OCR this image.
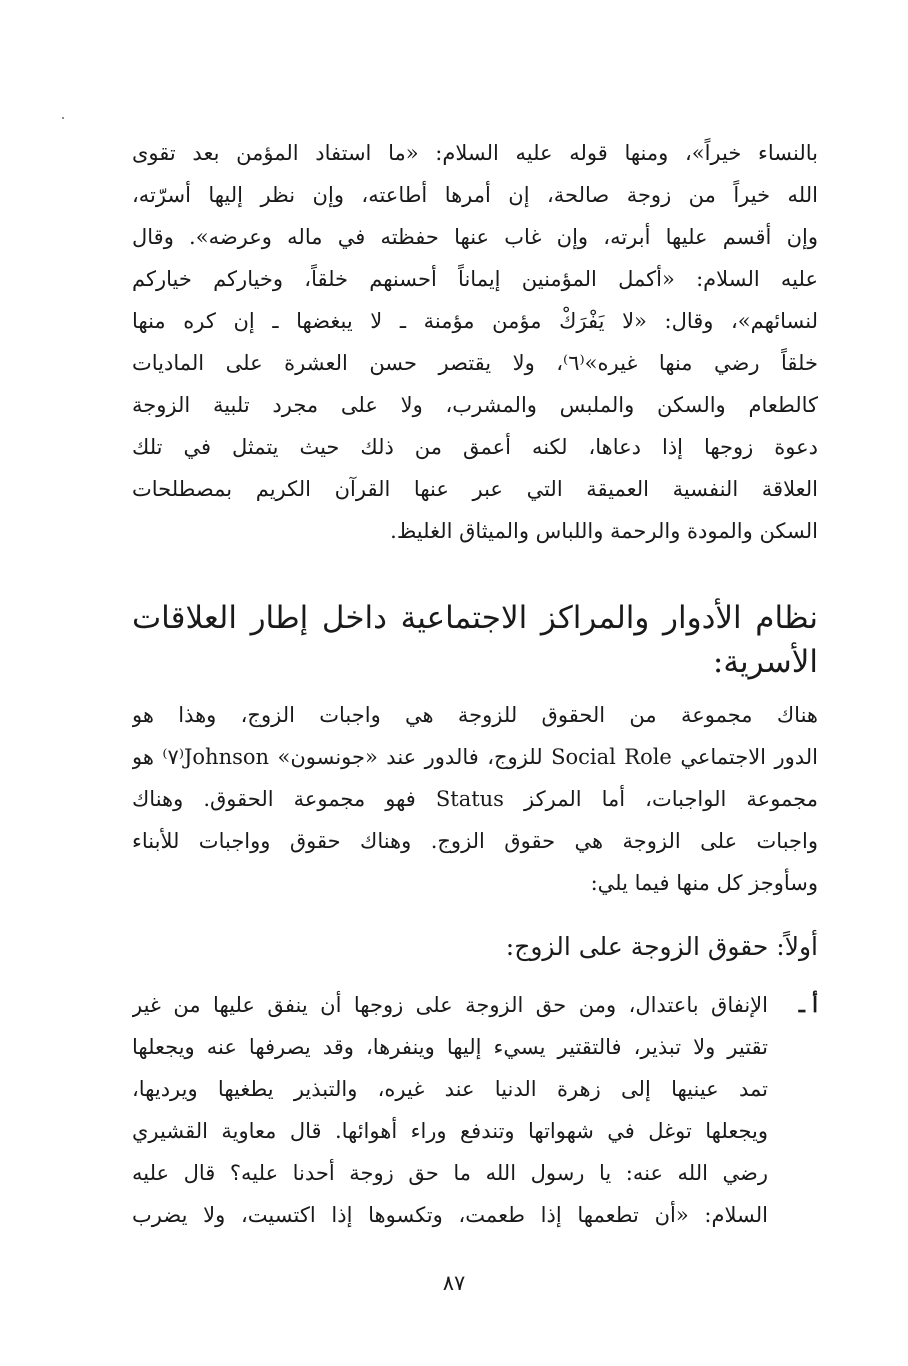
بالنساء خيراً»، ومنها قوله عليه السلام: «ما استفاد المؤمن بعد تقوى
الله خيراً من زوجة صالحة، إن أمرها أطاعته، وإن نظر إليها أسرّته،
وإن أقسم عليها أبرته، وإن غاب عنها حفظته في ماله وعرضه». وقال
عليه السلام: «أكمل المؤمنين إيماناً أحسنهم خلقاً، وخياركم خياركم
لنسائهم»، وقال: «لا يَفْرَكْ مؤمن مؤمنة ـ لا يبغضها ـ إن كره منها
خلقاً رضي منها غيره»⁽٦⁾، ولا يقتصر حسن العشرة على الماديات
كالطعام والسكن والملبس والمشرب، ولا على مجرد تلبية الزوجة
دعوة زوجها إذا دعاها، لكنه أعمق من ذلك حيث يتمثل في تلك
العلاقة النفسية العميقة التي عبر عنها القرآن الكريم بمصطلحات
السكن والمودة والرحمة واللباس والميثاق الغليظ.
نظام الأدوار والمراكز الاجتماعية داخل إطار العلاقات
الأسرية:
هناك مجموعة من الحقوق للزوجة هي واجبات الزوج، وهذا هو
الدور الاجتماعي Social Role للزوج، فالدور عند «جونسون» Johnson⁽٧⁾ هو
مجموعة الواجبات، أما المركز Status فهو مجموعة الحقوق. وهناك
واجبات على الزوجة هي حقوق الزوج. وهناك حقوق وواجبات للأبناء
وسأوجز كل منها فيما يلي:
أولاً: حقوق الزوجة على الزوج:
أ ـ
الإنفاق باعتدال، ومن حق الزوجة على زوجها أن ينفق عليها من غير
تقتير ولا تبذير، فالتقتير يسيء إليها وينفرها، وقد يصرفها عنه ويجعلها
تمد عينيها إلى زهرة الدنيا عند غيره، والتبذير يطغيها ويرديها،
ويجعلها توغل في شهواتها وتندفع وراء أهوائها. قال معاوية القشيري
رضي الله عنه: يا رسول الله ما حق زوجة أحدنا عليه؟ قال عليه
السلام: «أن تطعمها إذا طعمت، وتكسوها إذا اكتسيت، ولا يضرب
٨٧
